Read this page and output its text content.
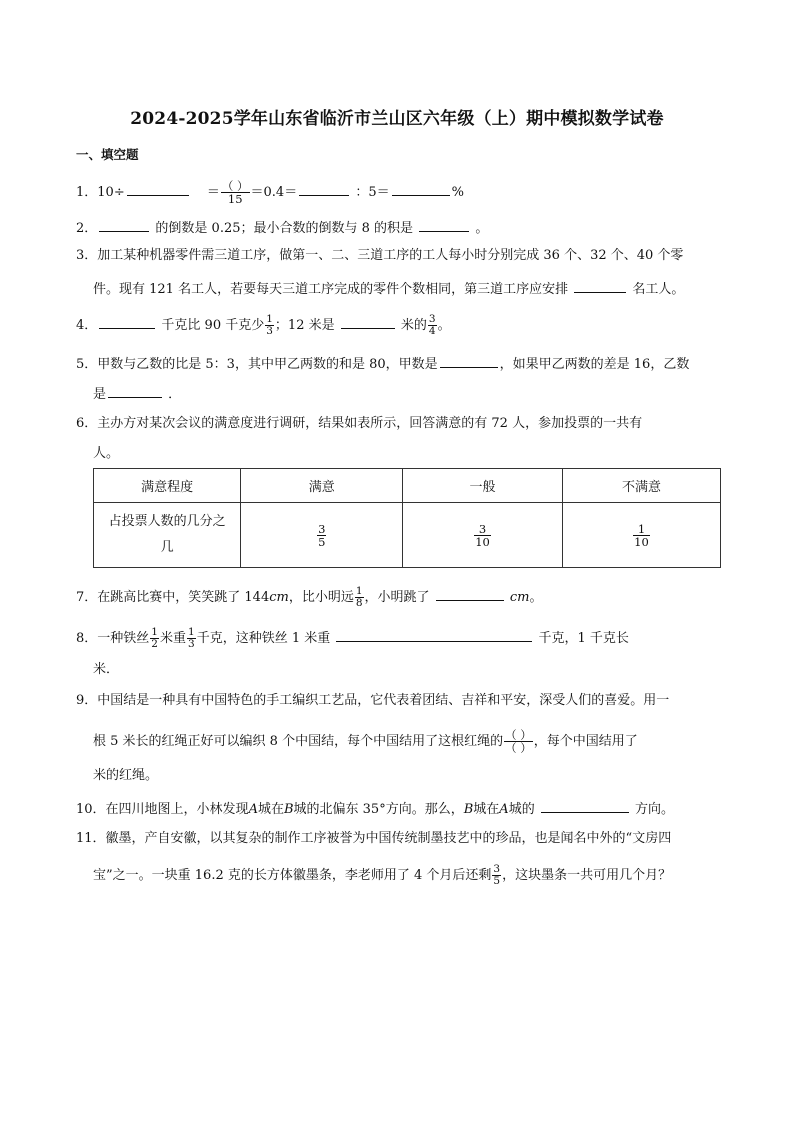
2024-2025学年山东省临沂市兰山区六年级（上）期中模拟数学试卷
一、填空题
1．10÷	＝ $\frac{( )}{15} =0.4=$	：5＝	%
2．	的倒数是 0.25；最小合数的倒数与 8 的积是	。
3．加工某种机器零件需三道工序，做第一、二、三道工序的工人每小时分别完成 36 个、32 个、40 个零
件。现有 121 名工人，若要每天三道工序完成的零件个数相同，第三道工序应安排	名工人。
4．	千克比 90 千克少 $\frac{1}{3}$ ；12 米是	米的 $\frac{3}{4}$ 。
5．甲数与乙数的比是 5：3，其中甲乙两数的和是 80，甲数是	，如果甲乙两数的差是 16，乙数
是	．
6．主办方对某次会议的满意度进行调研，结果如表所示，回答满意的有 72 人，参加投票的一共有
人。
满意程度	满意	一般	不满意
占投票人数的几分之
几	$\frac{3}{5}$	$\frac{3}{10}$	$\frac{1}{10}$
7．在跳高比赛中，笑笑跳了 144cm，比小明远 $\frac{1}{8}$ ，小明跳了	cm。
8．一种铁丝 $\frac{1}{2}$ 米重 $\frac{1}{3}$ 千克，这种铁丝 1 米重	千克，1 千克长
米．
9．中国结是一种具有中国特色的手工编织工艺品，它代表着团结、吉祥和平安，深受人们的喜爱。用一
根 5 米长的红绳正好可以编织 8 个中国结，每个中国结用了这根红绳的 $\frac{( )}{( )}$ ，每个中国结用了
米的红绳。
10．在四川地图上，小林发现A城在B城的北偏东 35°方向。那么，B城在A城的	方向。
11．徽墨，产自安徽，以其复杂的制作工序被誉为中国传统制墨技艺中的珍品，也是闻名中外的“文房四
宝”之一。一块重 16.2 克的长方体徽墨条，李老师用了 4 个月后还剩 $\frac{3}{5}$ ，这块墨条一共可用几个月？
